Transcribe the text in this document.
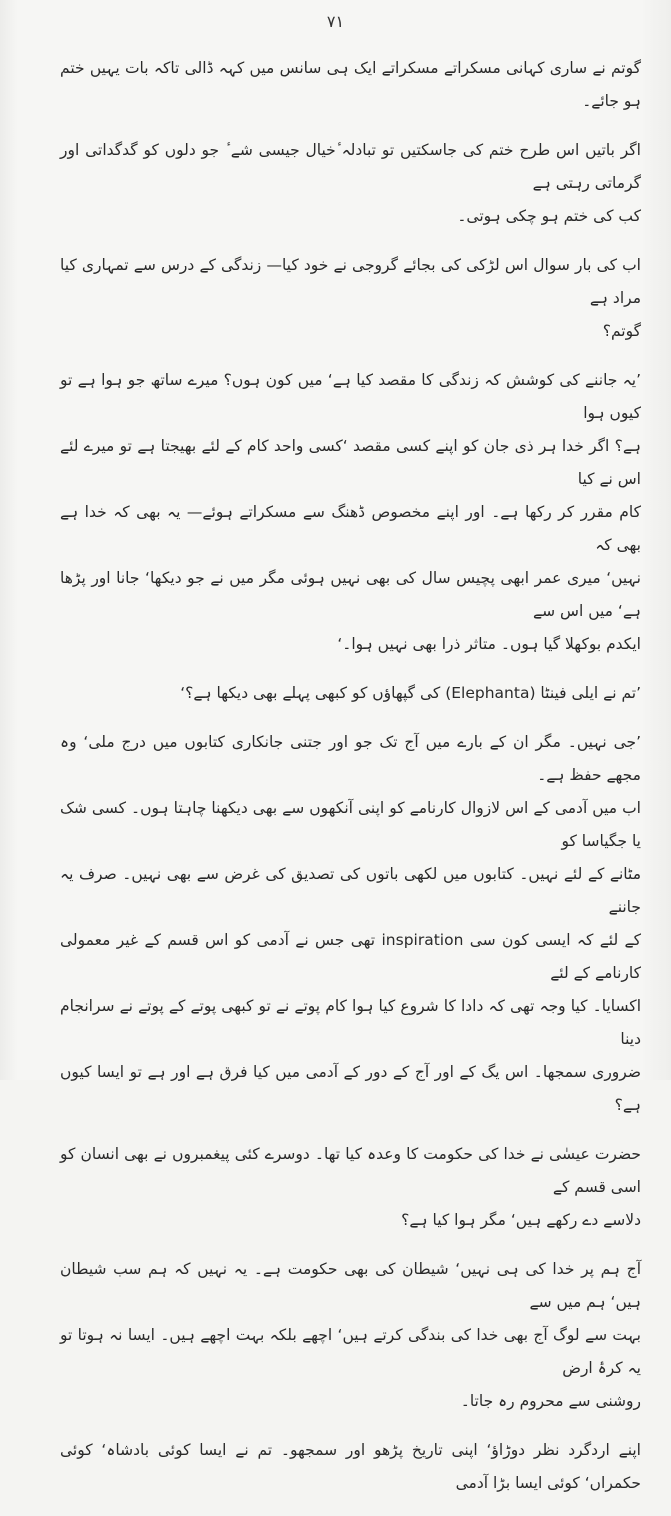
۷۱

گوتم نے ساری کہانی مسکراتے مسکراتے ایک ہی سانس میں کہہ ڈالی تاکہ بات یہیں ختم ہو جائے۔

اگر باتیں اس طرح ختم کی جاسکتیں تو تبادلہ ٔخیال جیسی شے ٔ جو دلوں کو گدگداتی اور گرماتی رہتی ہے
کب کی ختم ہو چکی ہوتی۔

اب کی بار سوال اس لڑکی کی بجائے گروجی نے خود کیا— زندگی کے درس سے تمہاری کیا مراد ہے
گوتم؟

’یہ جاننے کی کوشش کہ زندگی کا مقصد کیا ہے‘ میں کون ہوں؟ میرے ساتھ جو ہوا ہے تو کیوں ہوا
ہے؟ اگر خدا ہر ذی جان کو اپنے کسی مقصد ‘کسی واحد کام کے لئے بھیجتا ہے تو میرے لئے اس نے کیا
کام مقرر کر رکھا ہے۔ اور اپنے مخصوص ڈھنگ سے مسکراتے ہوئے— یہ بھی کہ خدا ہے بھی کہ
نہیں‘ میری عمر ابھی پچیس سال کی بھی نہیں ہوئی مگر میں نے جو دیکھا‘ جانا اور پڑھا ہے‘ میں اس سے
ایکدم بوکھلا گیا ہوں۔ متاثر ذرا بھی نہیں ہوا۔‘

’تم نے ایلی فینٹا (Elephanta) کی گپھاؤں کو کبھی پہلے بھی دیکھا ہے؟‘

’جی نہیں۔ مگر ان کے بارے میں آج تک جو اور جتنی جانکاری کتابوں میں درج ملی‘ وہ مجھے حفظ ہے۔
اب میں آدمی کے اس لازوال کارنامے کو اپنی آنکھوں سے بھی دیکھنا چاہتا ہوں۔ کسی شک یا جگیاسا کو
مٹانے کے لئے نہیں۔ کتابوں میں لکھی باتوں کی تصدیق کی غرض سے بھی نہیں۔ صرف یہ جاننے
کے لئے کہ ایسی کون سی inspiration تھی جس نے آدمی کو اس قسم کے غیر معمولی کارنامے کے لئے
اکسایا۔ کیا وجہ تھی کہ دادا کا شروع کیا ہوا کام پوتے نے تو کبھی پوتے کے پوتے نے سرانجام دینا
ضروری سمجھا۔ اس یگ کے اور آج کے دور کے آدمی میں کیا فرق ہے اور ہے تو ایسا کیوں ہے؟

حضرت عیسٰی نے خدا کی حکومت کا وعدہ کیا تھا۔ دوسرے کئی پیغمبروں نے بھی انسان کو اسی قسم کے
دلاسے دے رکھے ہیں‘ مگر ہوا کیا ہے؟

آج ہم پر خدا کی ہی نہیں‘ شیطان کی بھی حکومت ہے۔ یہ نہیں کہ ہم سب شیطان ہیں‘ ہم میں سے
بہت سے لوگ آج بھی خدا کی بندگی کرتے ہیں‘ اچھے بلکہ بہت اچھے ہیں۔ ایسا نہ ہوتا تو یہ کرۂ ارض
روشنی سے محروم رہ جاتا۔

اپنے اردگرد نظر دوڑاؤ‘ اپنی تاریخ پڑھو اور سمجھو۔ تم نے ایسا کوئی بادشاہ‘ کوئی حکمراں‘ کوئی ایسا بڑا آدمی
